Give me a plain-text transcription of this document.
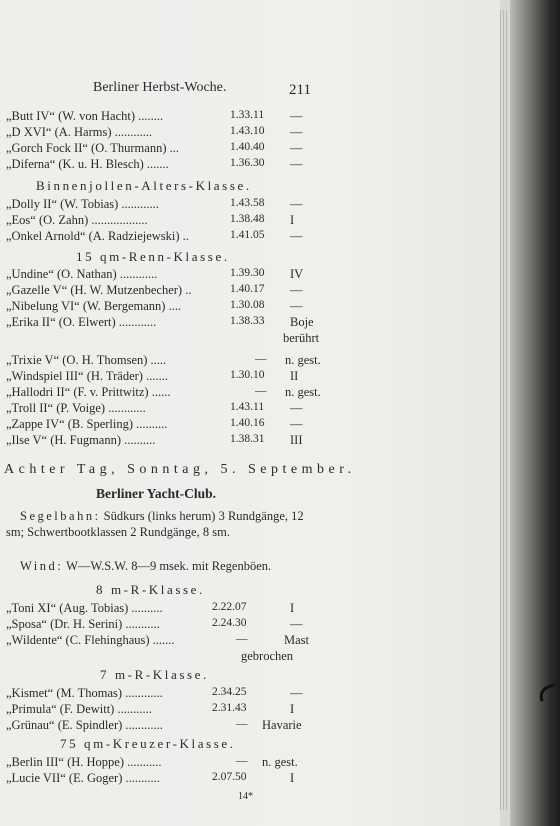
Berliner Herbst-Woche.	211
„Butt IV“ (W. von Hacht) ........	1.33.11 —
„D XVI“ (A. Harms) ............	1.43.10 —
„Gorch Fock II“ (O. Thurmann) ...	1.40.40 —
„Diferna“ (K. u. H. Blesch) .......	1.36.30 —
Binnenjollen-Alters-Klasse.
„Dolly II“ (W. Tobias) ............	1.43.58 —
„Eos“ (O. Zahn) ..................	1.38.48 I
„Onkel Arnold“ (A. Radziejewski) ..	1.41.05 —
15 qm-Renn-Klasse.
„Undine“ (O. Nathan) ............	1.39.30 IV
„Gazelle V“ (H. W. Mutzenbecher) ..	1.40.17 —
„Nibelung VI“ (W. Bergemann) ....	1.30.08 —
„Erika II“ (O. Elwert) ............	1.38.33 Boje
berührt
„Trixie V“ (O. H. Thomsen) .....	— n. gest.
„Windspiel III“ (H. Träder) .......	1.30.10 II
„Hallodri II“ (F. v. Prittwitz) ......	— n. gest.
„Troll II“ (P. Voige) ............	1.43.11 —
„Zappe IV“ (B. Sperling) ..........	1.40.16 —
„Ilse V“ (H. Fugmann) ..........	1.38.31 III
Achter Tag, Sonntag, 5. September.
Berliner Yacht-Club.
Segelbahn: Südkurs (links herum) 3 Rundgänge, 12 sm; Schwertbootklassen 2 Rundgänge, 8 sm.
Wind: W—W.S.W. 8—9 msek. mit Regenböen.
8 m-R-Klasse.
„Toni XI“ (Aug. Tobias) ..........	2.22.07	I
„Sposa“ (Dr. H. Serini) ...........	2.24.30	—
„Wildente“ (C. Flehinghaus) .......	—	Mast
gebrochen
7 m-R-Klasse.
„Kismet“ (M. Thomas) ............	2.34.25	—
„Primula“ (F. Dewitt) ...........	2.31.43	I
„Grünau“ (E. Spindler) ............	— Havarie
75 qm-Kreuzer-Klasse.
„Berlin III“ (H. Hoppe) ...........	— n. gest.
„Lucie VII“ (E. Goger) ...........	2.07.50	I
14*
